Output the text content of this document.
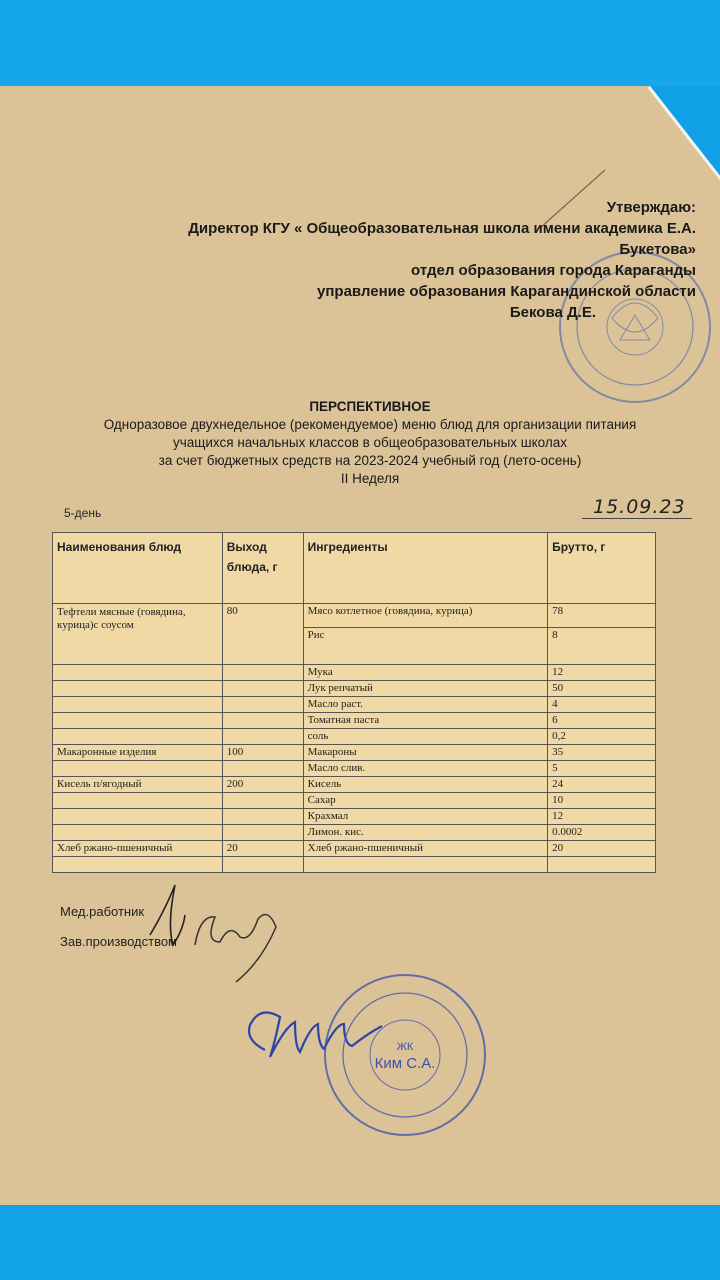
Утверждаю:
Директор КГУ « Общеобразовательная школа имени академика Е.А.
Букетова»
отдел образования города Караганды
управление образования Карагандинской области
Бекова Д.Е.
ПЕРСПЕКТИВНОЕ
Одноразовое двухнедельное (рекомендуемое) меню блюд для организации питания
учащихся начальных классов в общеобразовательных школах
за счет бюджетных средств на 2023-2024 учебный год (лето-осень)
II Неделя
5-день	15.09.23
Наименования блюд	Выход блюда, г	Ингредиенты	Брутто, г
Тефтели мясные (говядина, курица)с соусом	80	Мясо котлетное (говядина, курица)	78
		Рис	8
		Мука	12
		Лук репчатый	50
		Масло раст.	4
		Томатная паста	6
		соль	0,2
Макаронные изделия	100	Макароны	35
		Масло слив.	5
Кисель п/ягодный	200	Кисель	24
		Сахар	10
		Крахмал	12
		Лимон. кис.	0.0002
Хлеб ржано-пшеничный	20	Хлеб ржано-пшеничный	20

Мед.работник
Зав.производством
ЖК
Ким С.А.
